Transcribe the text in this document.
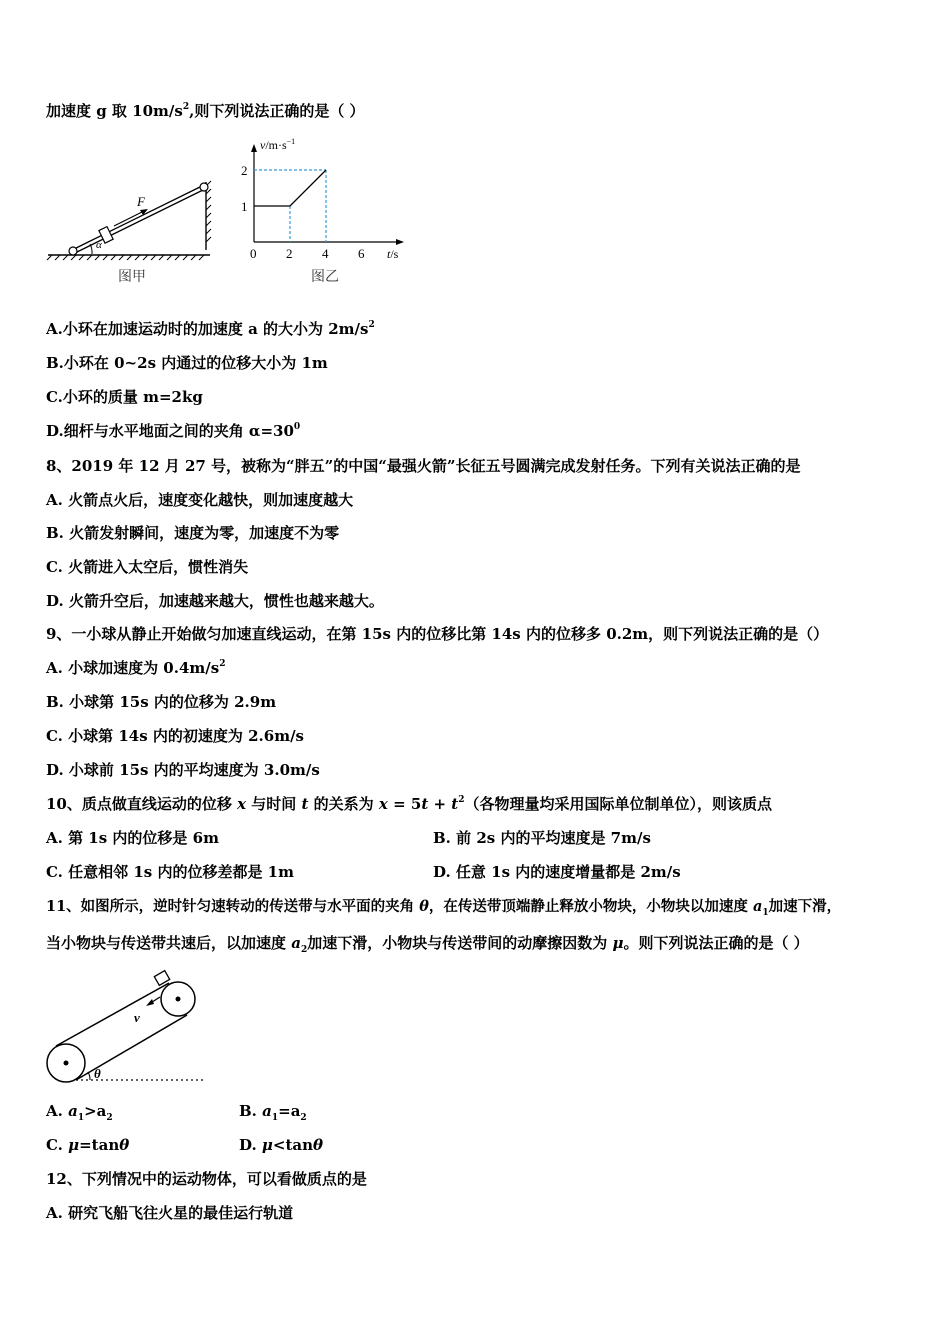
加速度 g 取 $10m/s^2$,则下列说法正确的是（ ）
F
α
图甲
$v/m\cdot s^{-1}$
t/s
0 2 4 6
1
2
图乙
A.小环在加速运动时的加速度 a 的大小为 $2m/s^2$
B.小环在 0~2s 内通过的位移大小为 1m
C.小环的质量 m=2kg
D.细杆与水平地面之间的夹角 $\alpha=30^0$
8、2019 年 12 月 27 号，被称为“胖五”的中国“最强火箭”长征五号圆满完成发射任务。下列有关说法正确的是
A. 火箭点火后，速度变化越快，则加速度越大
B. 火箭发射瞬间，速度为零，加速度不为零
C. 火箭进入太空后，惯性消失
D. 火箭升空后，加速越来越大，惯性也越来越大。
9、一小球从静止开始做匀加速直线运动，在第 15s 内的位移比第 14s 内的位移多 0.2m，则下列说法正确的是（）
A. 小球加速度为 $0.4m/s^2$
B. 小球第 15s 内的位移为 2.9m
C. 小球第 14s 内的初速度为 2.6m/s
D. 小球前 15s 内的平均速度为 3.0m/s
10、质点做直线运动的位移 x 与时间 t 的关系为 $x = 5t + t^2$（各物理量均采用国际单位制单位），则该质点
A. 第 1s 内的位移是 6m	B. 前 2s 内的平均速度是 7m/s
C. 任意相邻 1s 内的位移差都是 1m	D. 任意 1s 内的速度增量都是 2m/s
11、如图所示，逆时针匀速转动的传送带与水平面的夹角 θ，在传送带顶端静止释放小物块，小物块以加速度 $a_1$加速下滑，
当小物块与传送带共速后，以加速度 $a_2$加速下滑，小物块与传送带间的动摩擦因数为 μ。则下列说法正确的是（ ）
v
θ
A. $a_1>a_2$	B. $a_1=a_2$
C. μ=tanθ	D. μ<tanθ
12、下列情况中的运动物体，可以看做质点的是
A. 研究飞船飞往火星的最佳运行轨道
